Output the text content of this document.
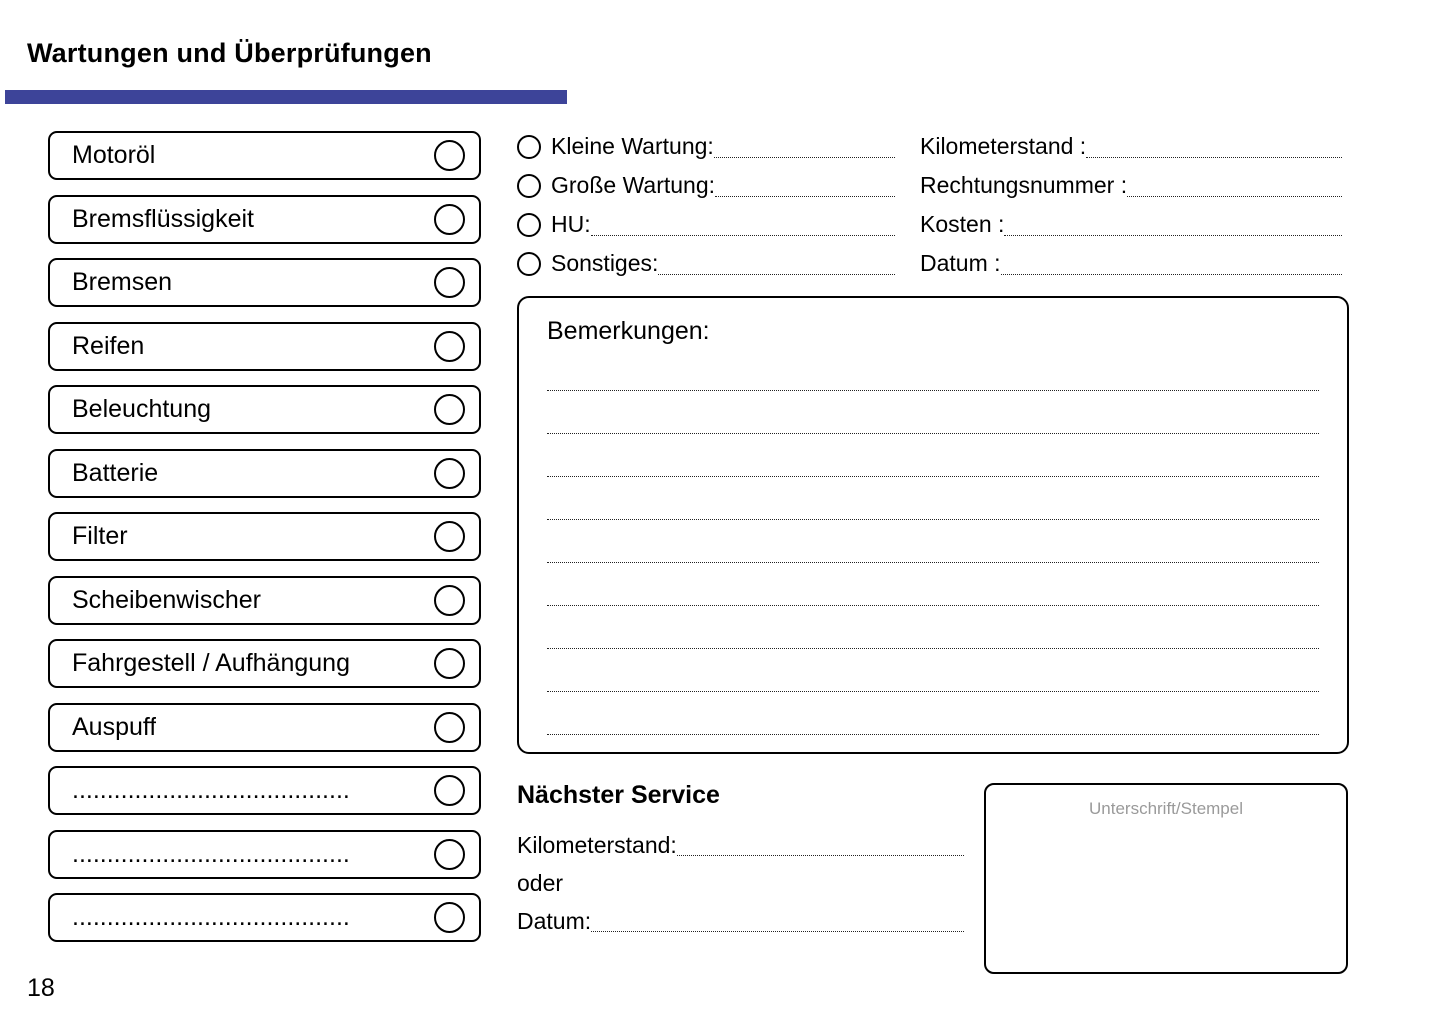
Wartungen und Überprüfungen
Motoröl
Bremsflüssigkeit
Bremsen
Reifen
Beleuchtung
Batterie
Filter
Scheibenwischer
Fahrgestell / Aufhängung
Auspuff
........................................
........................................
........................................
Kleine Wartung:
Große Wartung:
HU:
Sonstiges:
Kilometerstand :
Rechtungsnummer :
Kosten :
Datum :
Bemerkungen:
Nächster Service
Kilometerstand:
oder
Datum:
Unterschrift/Stempel
18
